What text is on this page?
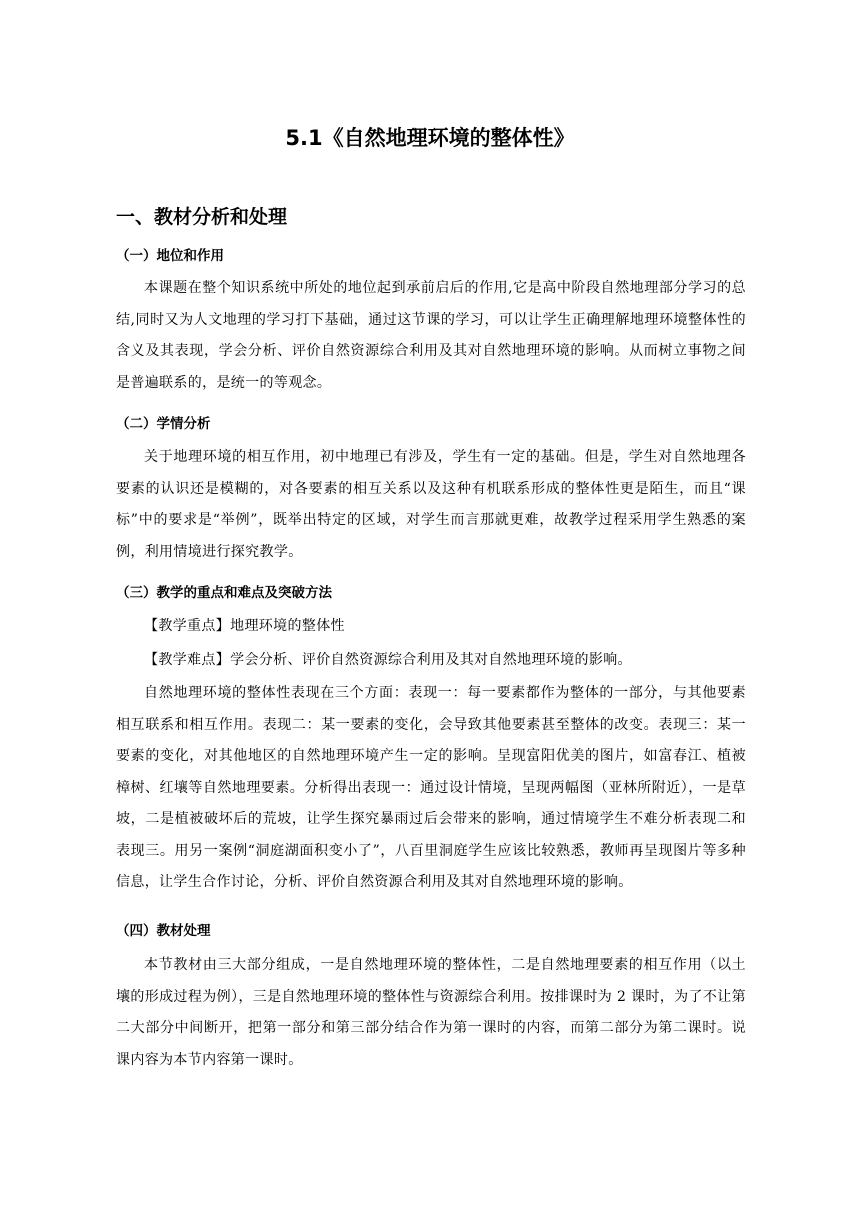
5.1《自然地理环境的整体性》
一、教材分析和处理
（一）地位和作用

本课题在整个知识系统中所处的地位起到承前启后的作用,它是高中阶段自然地理部分学习的总结,同时又为人文地理的学习打下基础，通过这节课的学习，可以让学生正确理解地理环境整体性的含义及其表现，学会分析、评价自然资源综合利用及其对自然地理环境的影响。从而树立事物之间是普遍联系的，是统一的等观念。

（二）学情分析

关于地理环境的相互作用，初中地理已有涉及，学生有一定的基础。但是，学生对自然地理各要素的认识还是模糊的，对各要素的相互关系以及这种有机联系形成的整体性更是陌生，而且“课标”中的要求是“举例”，既举出特定的区域，对学生而言那就更难，故教学过程采用学生熟悉的案例，利用情境进行探究教学。

（三）教学的重点和难点及突破方法

【教学重点】地理环境的整体性

【教学难点】学会分析、评价自然资源综合利用及其对自然地理环境的影响。

自然地理环境的整体性表现在三个方面：表现一：每一要素都作为整体的一部分，与其他要素相互联系和相互作用。表现二：某一要素的变化，会导致其他要素甚至整体的改变。表现三：某一要素的变化，对其他地区的自然地理环境产生一定的影响。呈现富阳优美的图片，如富春江、植被樟树、红壤等自然地理要素。分析得出表现一：通过设计情境，呈现两幅图（亚林所附近），一是草坡，二是植被破坏后的荒坡，让学生探究暴雨过后会带来的影响，通过情境学生不难分析表现二和表现三。用另一案例“洞庭湖面积变小了”，八百里洞庭学生应该比较熟悉，教师再呈现图片等多种信息，让学生合作讨论，分析、评价自然资源合利用及其对自然地理环境的影响。

（四）教材处理

本节教材由三大部分组成，一是自然地理环境的整体性，二是自然地理要素的相互作用（以土壤的形成过程为例），三是自然地理环境的整体性与资源综合利用。按排课时为 2 课时，为了不让第二大部分中间断开，把第一部分和第三部分结合作为第一课时的内容，而第二部分为第二课时。说课内容为本节内容第一课时。
